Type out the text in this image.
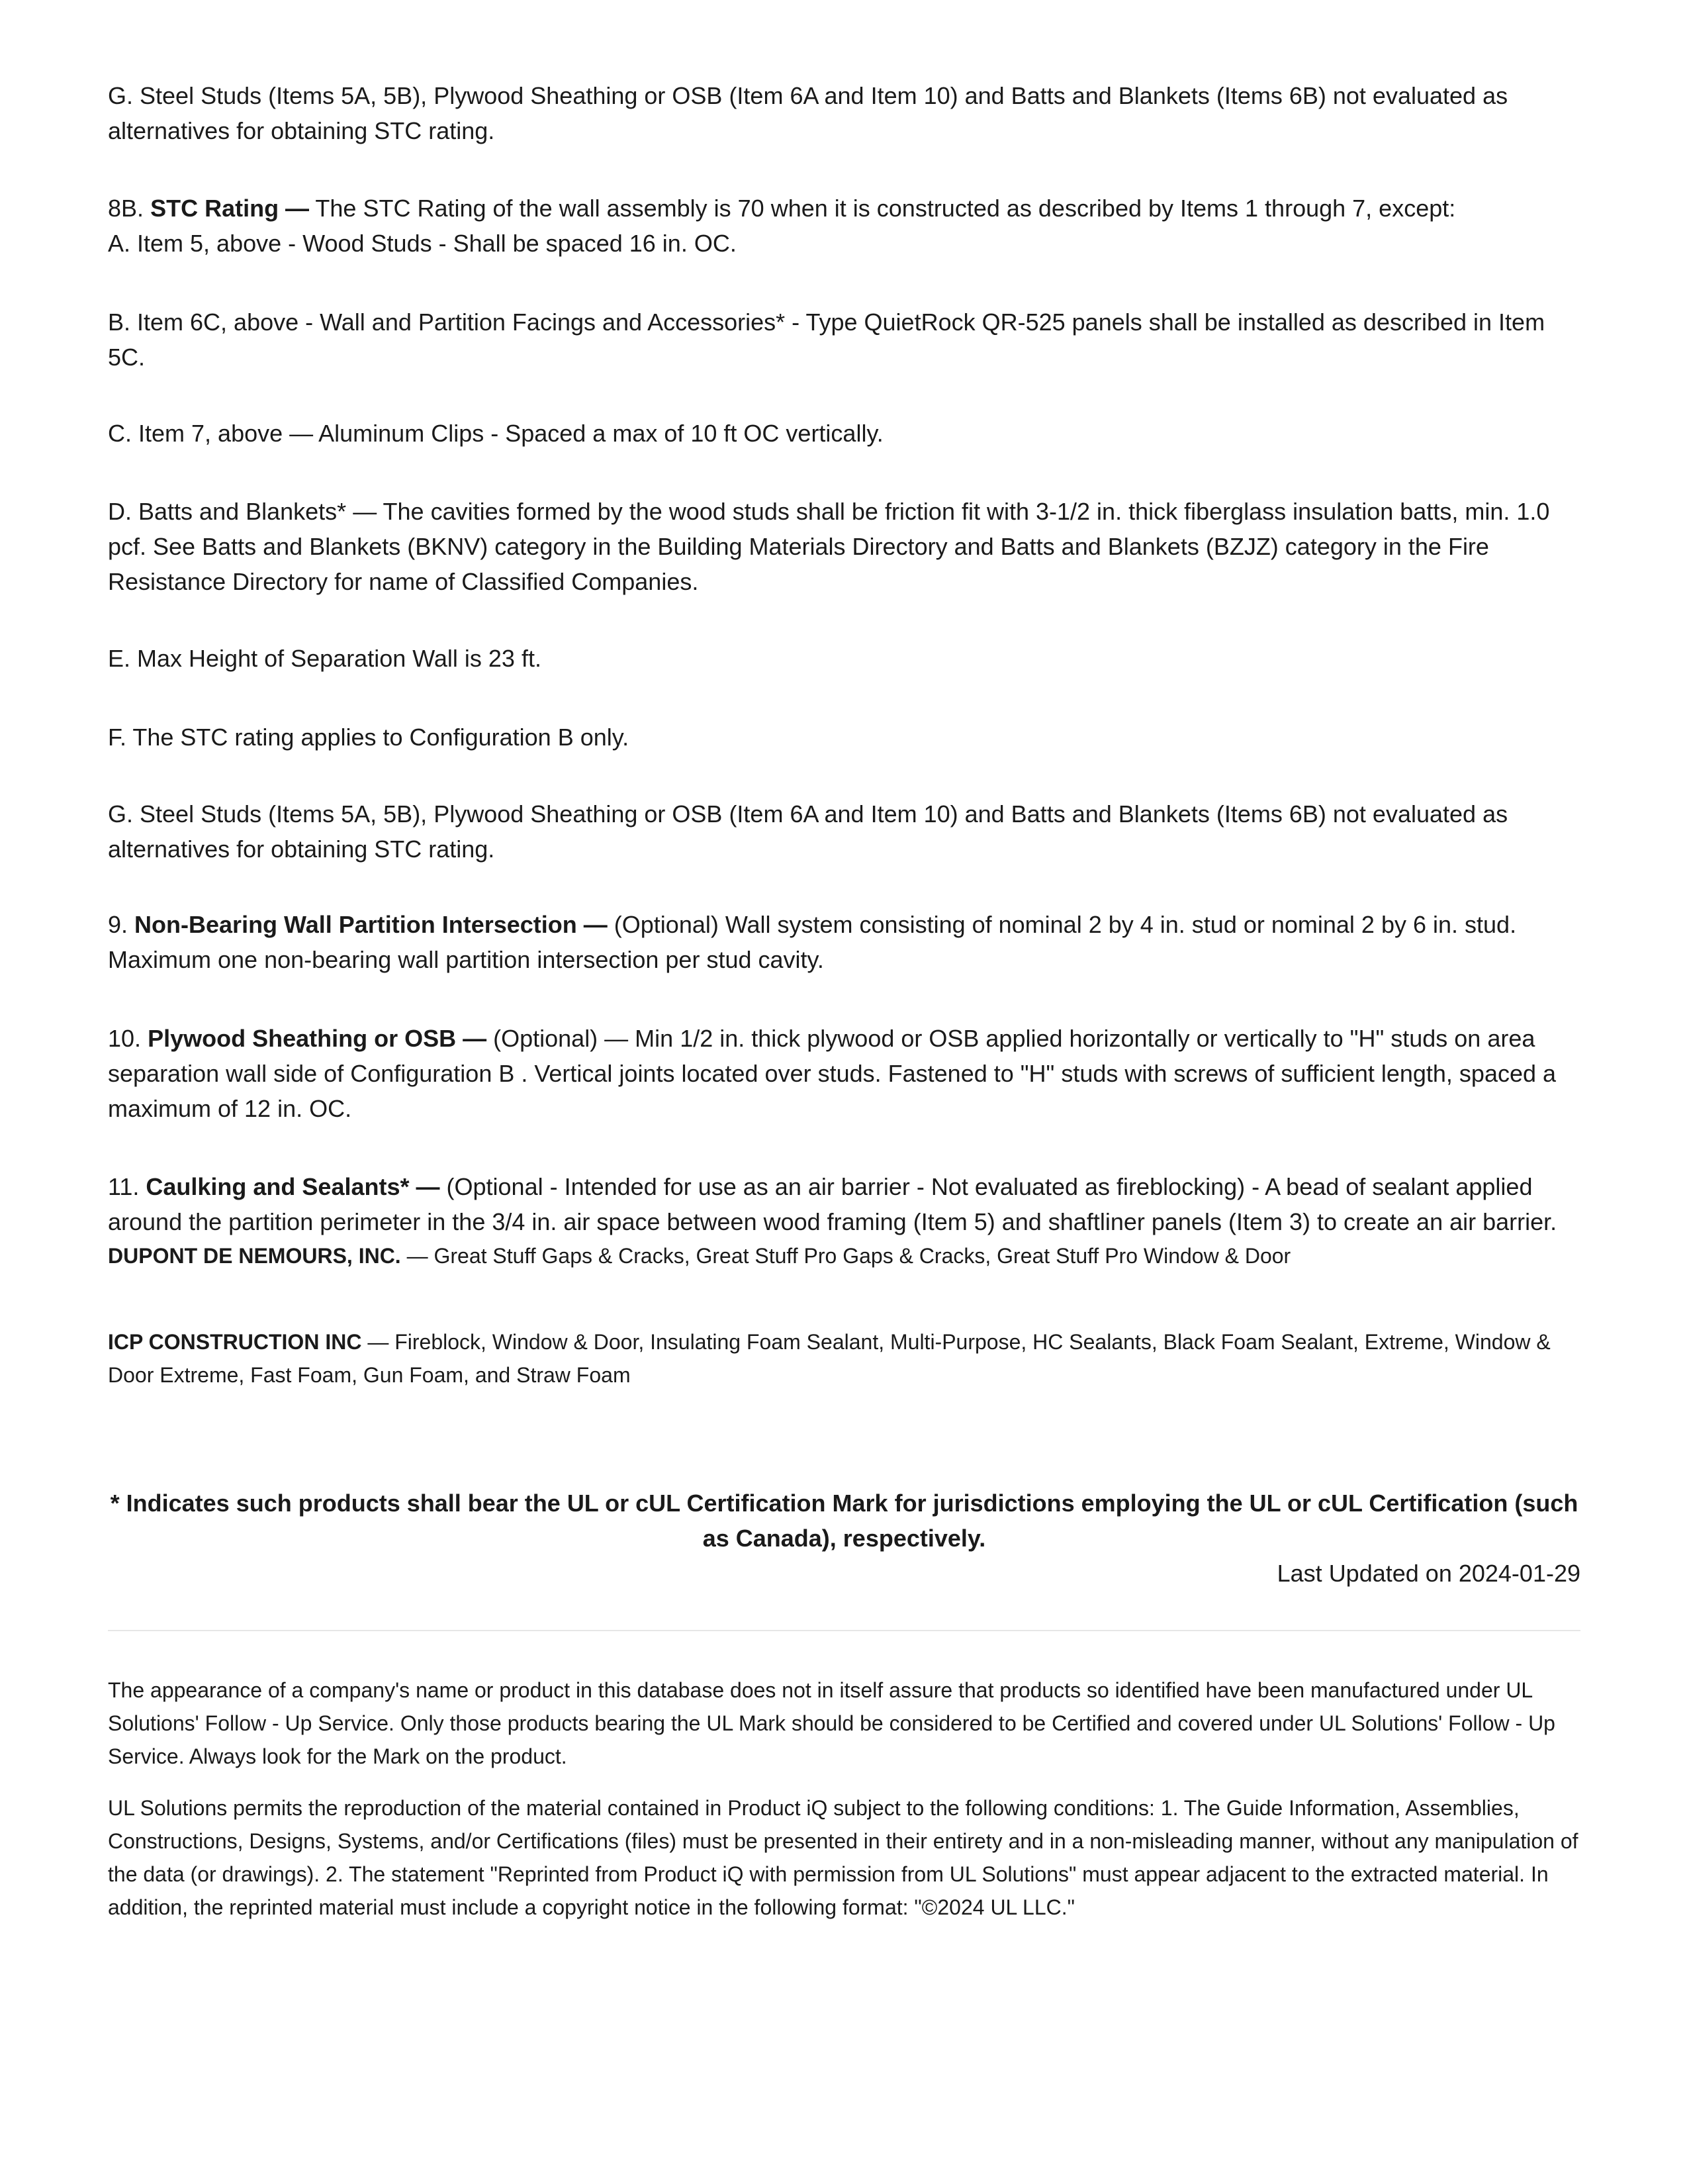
G. Steel Studs (Items 5A, 5B), Plywood Sheathing or OSB (Item 6A and Item 10) and Batts and Blankets (Items 6B) not evaluated as alternatives for obtaining STC rating.

8B. STC Rating — The STC Rating of the wall assembly is 70 when it is constructed as described by Items 1 through 7, except:

A. Item 5, above - Wood Studs - Shall be spaced 16 in. OC.

B. Item 6C, above - Wall and Partition Facings and Accessories* - Type QuietRock QR-525 panels shall be installed as described in Item 5C.

C. Item 7, above — Aluminum Clips - Spaced a max of 10 ft OC vertically.

D. Batts and Blankets* — The cavities formed by the wood studs shall be friction fit with 3-1/2 in. thick fiberglass insulation batts, min. 1.0 pcf. See Batts and Blankets (BKNV) category in the Building Materials Directory and Batts and Blankets (BZJZ) category in the Fire Resistance Directory for name of Classified Companies.

E. Max Height of Separation Wall is 23 ft.

F. The STC rating applies to Configuration B only.

G. Steel Studs (Items 5A, 5B), Plywood Sheathing or OSB (Item 6A and Item 10) and Batts and Blankets (Items 6B) not evaluated as alternatives for obtaining STC rating.

9. Non-Bearing Wall Partition Intersection — (Optional) Wall system consisting of nominal 2 by 4 in. stud or nominal 2 by 6 in. stud. Maximum one non-bearing wall partition intersection per stud cavity.

10. Plywood Sheathing or OSB — (Optional) — Min 1/2 in. thick plywood or OSB applied horizontally or vertically to "H" studs on area separation wall side of Configuration B . Vertical joints located over studs. Fastened to "H" studs with screws of sufficient length, spaced a maximum of 12 in. OC.

11. Caulking and Sealants* — (Optional - Intended for use as an air barrier - Not evaluated as fireblocking) - A bead of sealant applied around the partition perimeter in the 3/4 in. air space between wood framing (Item 5) and shaftliner panels (Item 3) to create an air barrier.

DUPONT DE NEMOURS, INC. — Great Stuff Gaps & Cracks, Great Stuff Pro Gaps & Cracks, Great Stuff Pro Window & Door

ICP CONSTRUCTION INC — Fireblock, Window & Door, Insulating Foam Sealant, Multi-Purpose, HC Sealants, Black Foam Sealant, Extreme, Window & Door Extreme, Fast Foam, Gun Foam, and Straw Foam

* Indicates such products shall bear the UL or cUL Certification Mark for jurisdictions employing the UL or cUL Certification (such as Canada), respectively.

Last Updated on 2024-01-29

The appearance of a company's name or product in this database does not in itself assure that products so identified have been manufactured under UL Solutions' Follow - Up Service. Only those products bearing the UL Mark should be considered to be Certified and covered under UL Solutions' Follow - Up Service. Always look for the Mark on the product.

UL Solutions permits the reproduction of the material contained in Product iQ subject to the following conditions: 1. The Guide Information, Assemblies, Constructions, Designs, Systems, and/or Certifications (files) must be presented in their entirety and in a non-misleading manner, without any manipulation of the data (or drawings). 2. The statement "Reprinted from Product iQ with permission from UL Solutions" must appear adjacent to the extracted material. In addition, the reprinted material must include a copyright notice in the following format: "©2024 UL LLC."
